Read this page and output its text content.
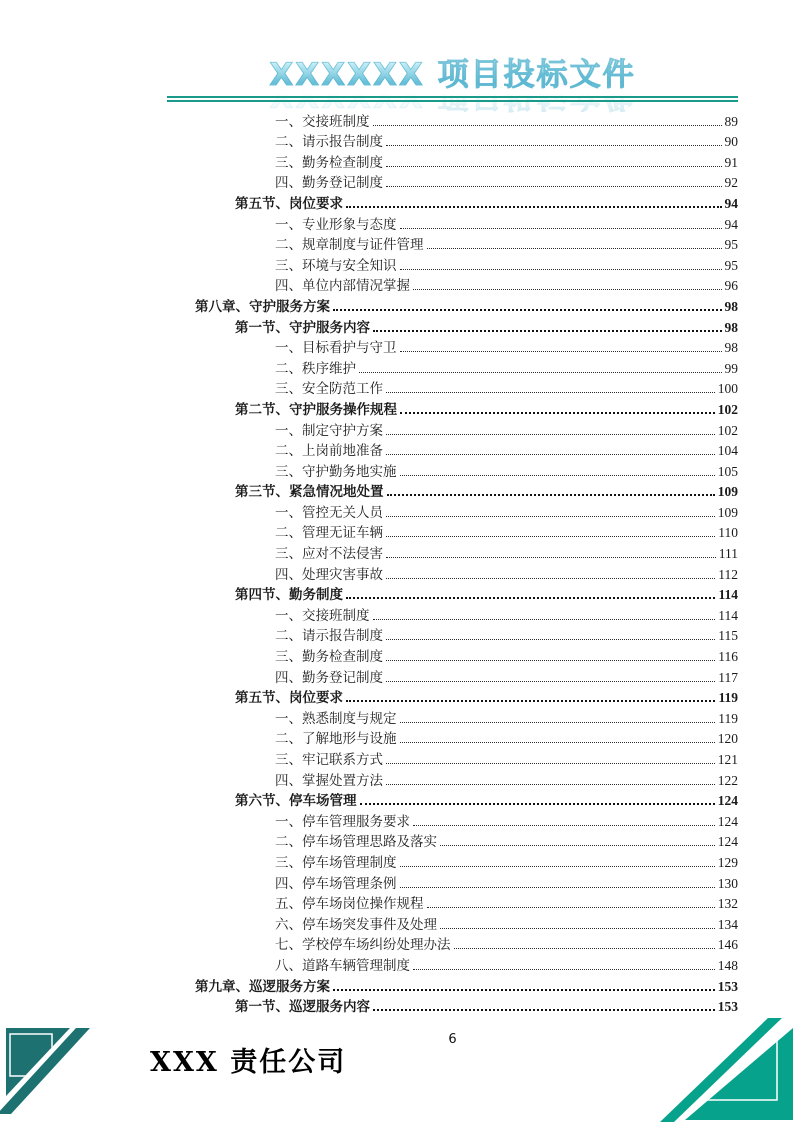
XXXXXX 项目投标文件
一、交接班制度	89
二、请示报告制度	90
三、勤务检查制度	91
四、勤务登记制度	92
第五节、岗位要求	94
一、专业形象与态度	94
二、规章制度与证件管理	95
三、环境与安全知识	95
四、单位内部情况掌握	96
第八章、守护服务方案	98
第一节、守护服务内容	98
一、目标看护与守卫	98
二、秩序维护	99
三、安全防范工作	100
第二节、守护服务操作规程	102
一、制定守护方案	102
二、上岗前地准备	104
三、守护勤务地实施	105
第三节、紧急情况地处置	109
一、管控无关人员	109
二、管理无证车辆	110
三、应对不法侵害	111
四、处理灾害事故	112
第四节、勤务制度	114
一、交接班制度	114
二、请示报告制度	115
三、勤务检查制度	116
四、勤务登记制度	117
第五节、岗位要求	119
一、熟悉制度与规定	119
二、了解地形与设施	120
三、牢记联系方式	121
四、掌握处置方法	122
第六节、停车场管理	124
一、停车管理服务要求	124
二、停车场管理思路及落实	124
三、停车场管理制度	129
四、停车场管理条例	130
五、停车场岗位操作规程	132
六、停车场突发事件及处理	134
七、学校停车场纠纷处理办法	146
八、道路车辆管理制度	148
第九章、巡逻服务方案	153
第一节、巡逻服务内容	153
XXX 责任公司
6
